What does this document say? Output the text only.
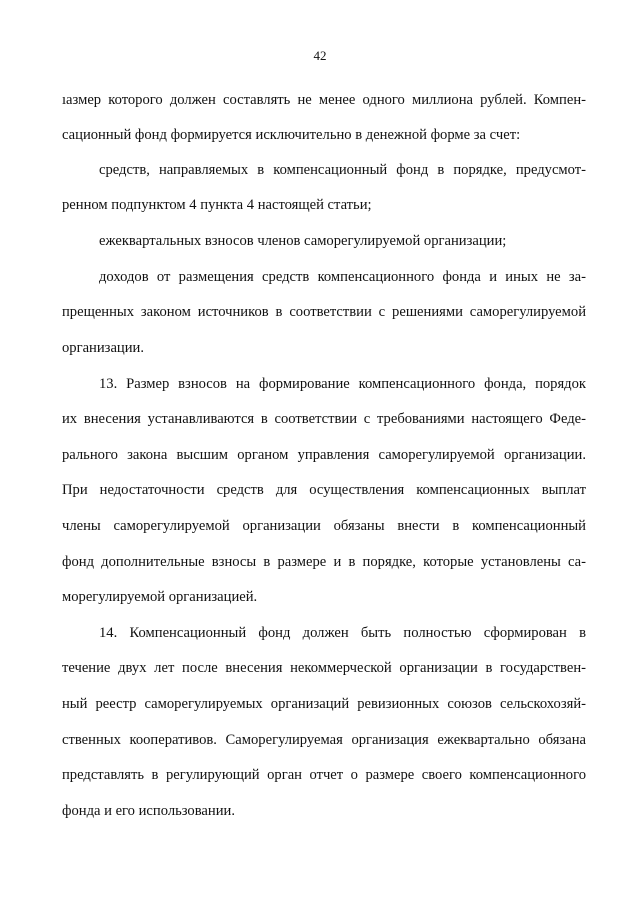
42
ıазмер которого должен составлять не менее одного миллиона рублей. Компен-
сационный фонд формируется исключительно в денежной форме за счет:
средств, направляемых в компенсационный фонд в порядке, предусмот-
ренном подпунктом 4 пункта 4 настоящей статьи;
ежеквартальных взносов членов саморегулируемой организации;
доходов от размещения средств компенсационного фонда и иных не за-
прещенных законом источников в соответствии с решениями саморегулируемой
организации.
13. Размер взносов на формирование компенсационного фонда, порядок
их внесения устанавливаются в соответствии с требованиями настоящего Феде-
рального закона высшим органом управления саморегулируемой организации.
При недостаточности средств для осуществления компенсационных выплат
члены саморегулируемой организации обязаны внести в компенсационный
фонд дополнительные взносы в размере и в порядке, которые установлены са-
морегулируемой организацией.
14. Компенсационный фонд должен быть полностью сформирован в
течение двух лет после внесения некоммерческой организации в государствен-
ный реестр саморегулируемых организаций ревизионных союзов сельскохозяй-
ственных кооперативов. Саморегулируемая организация ежеквартально обязана
представлять в регулирующий орган отчет о размере своего компенсационного
фонда и его использовании.
